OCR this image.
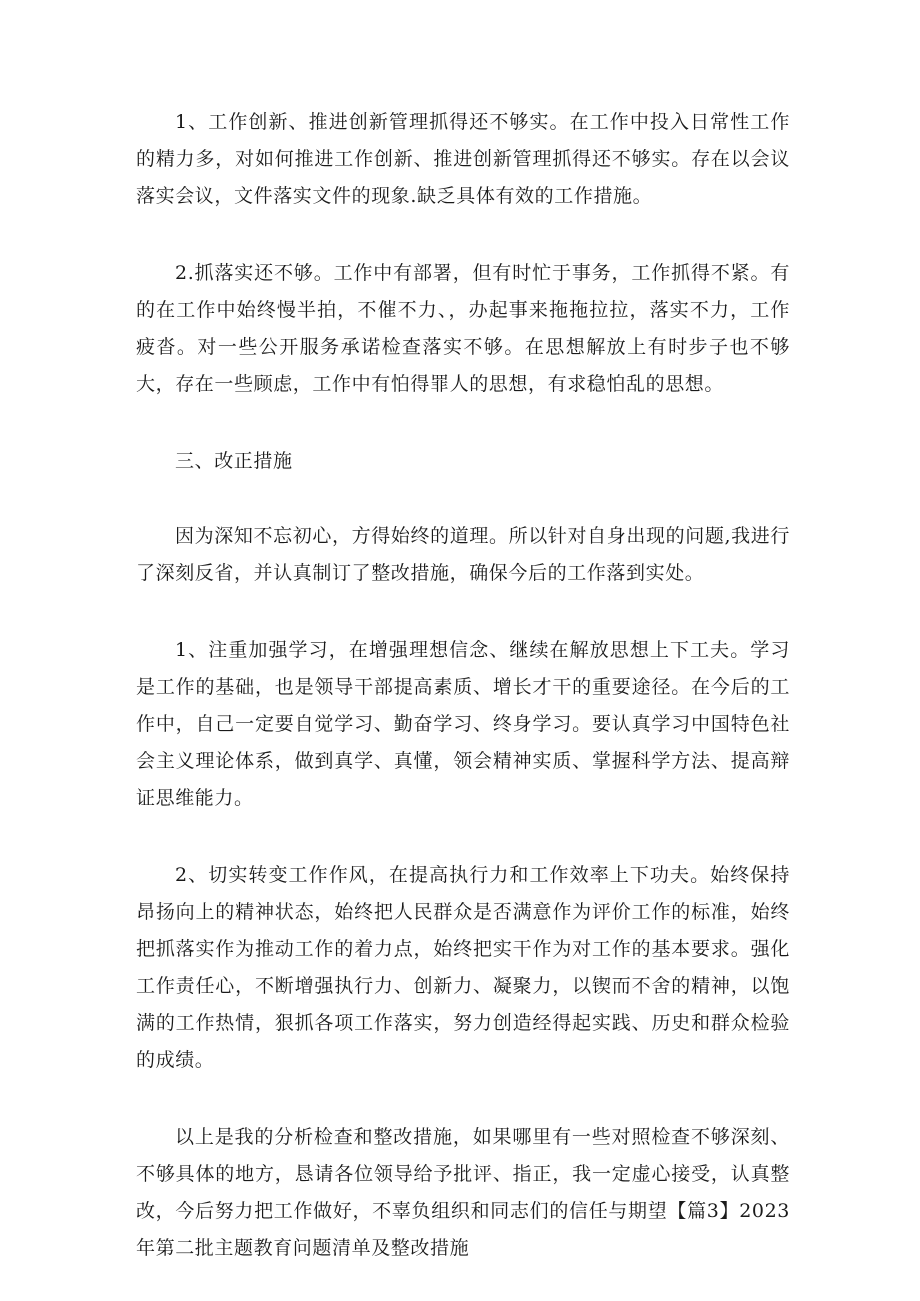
1、工作创新、推进创新管理抓得还不够实。在工作中投入日常性工作的精力多，对如何推进工作创新、推进创新管理抓得还不够实。存在以会议落实会议，文件落实文件的现象.缺乏具体有效的工作措施。

2.抓落实还不够。工作中有部署，但有时忙于事务，工作抓得不紧。有的在工作中始终慢半拍，不催不力、，办起事来拖拖拉拉，落实不力，工作疲沓。对一些公开服务承诺检查落实不够。在思想解放上有时步子也不够大，存在一些顾虑，工作中有怕得罪人的思想，有求稳怕乱的思想。

三、改正措施

因为深知不忘初心，方得始终的道理。所以针对自身出现的问题,我进行了深刻反省，并认真制订了整改措施，确保今后的工作落到实处。

1、注重加强学习，在增强理想信念、继续在解放思想上下工夫。学习是工作的基础，也是领导干部提高素质、增长才干的重要途径。在今后的工作中，自己一定要自觉学习、勤奋学习、终身学习。要认真学习中国特色社会主义理论体系，做到真学、真懂，领会精神实质、掌握科学方法、提高辩证思维能力。

2、切实转变工作作风，在提高执行力和工作效率上下功夫。始终保持昂扬向上的精神状态，始终把人民群众是否满意作为评价工作的标准，始终把抓落实作为推动工作的着力点，始终把实干作为对工作的基本要求。强化工作责任心，不断增强执行力、创新力、凝聚力，以锲而不舍的精神，以饱满的工作热情，狠抓各项工作落实，努力创造经得起实践、历史和群众检验的成绩。

以上是我的分析检查和整改措施，如果哪里有一些对照检查不够深刻、不够具体的地方，恳请各位领导给予批评、指正，我一定虚心接受，认真整改，今后努力把工作做好，不辜负组织和同志们的信任与期望【篇3】2023年第二批主题教育问题清单及整改措施
